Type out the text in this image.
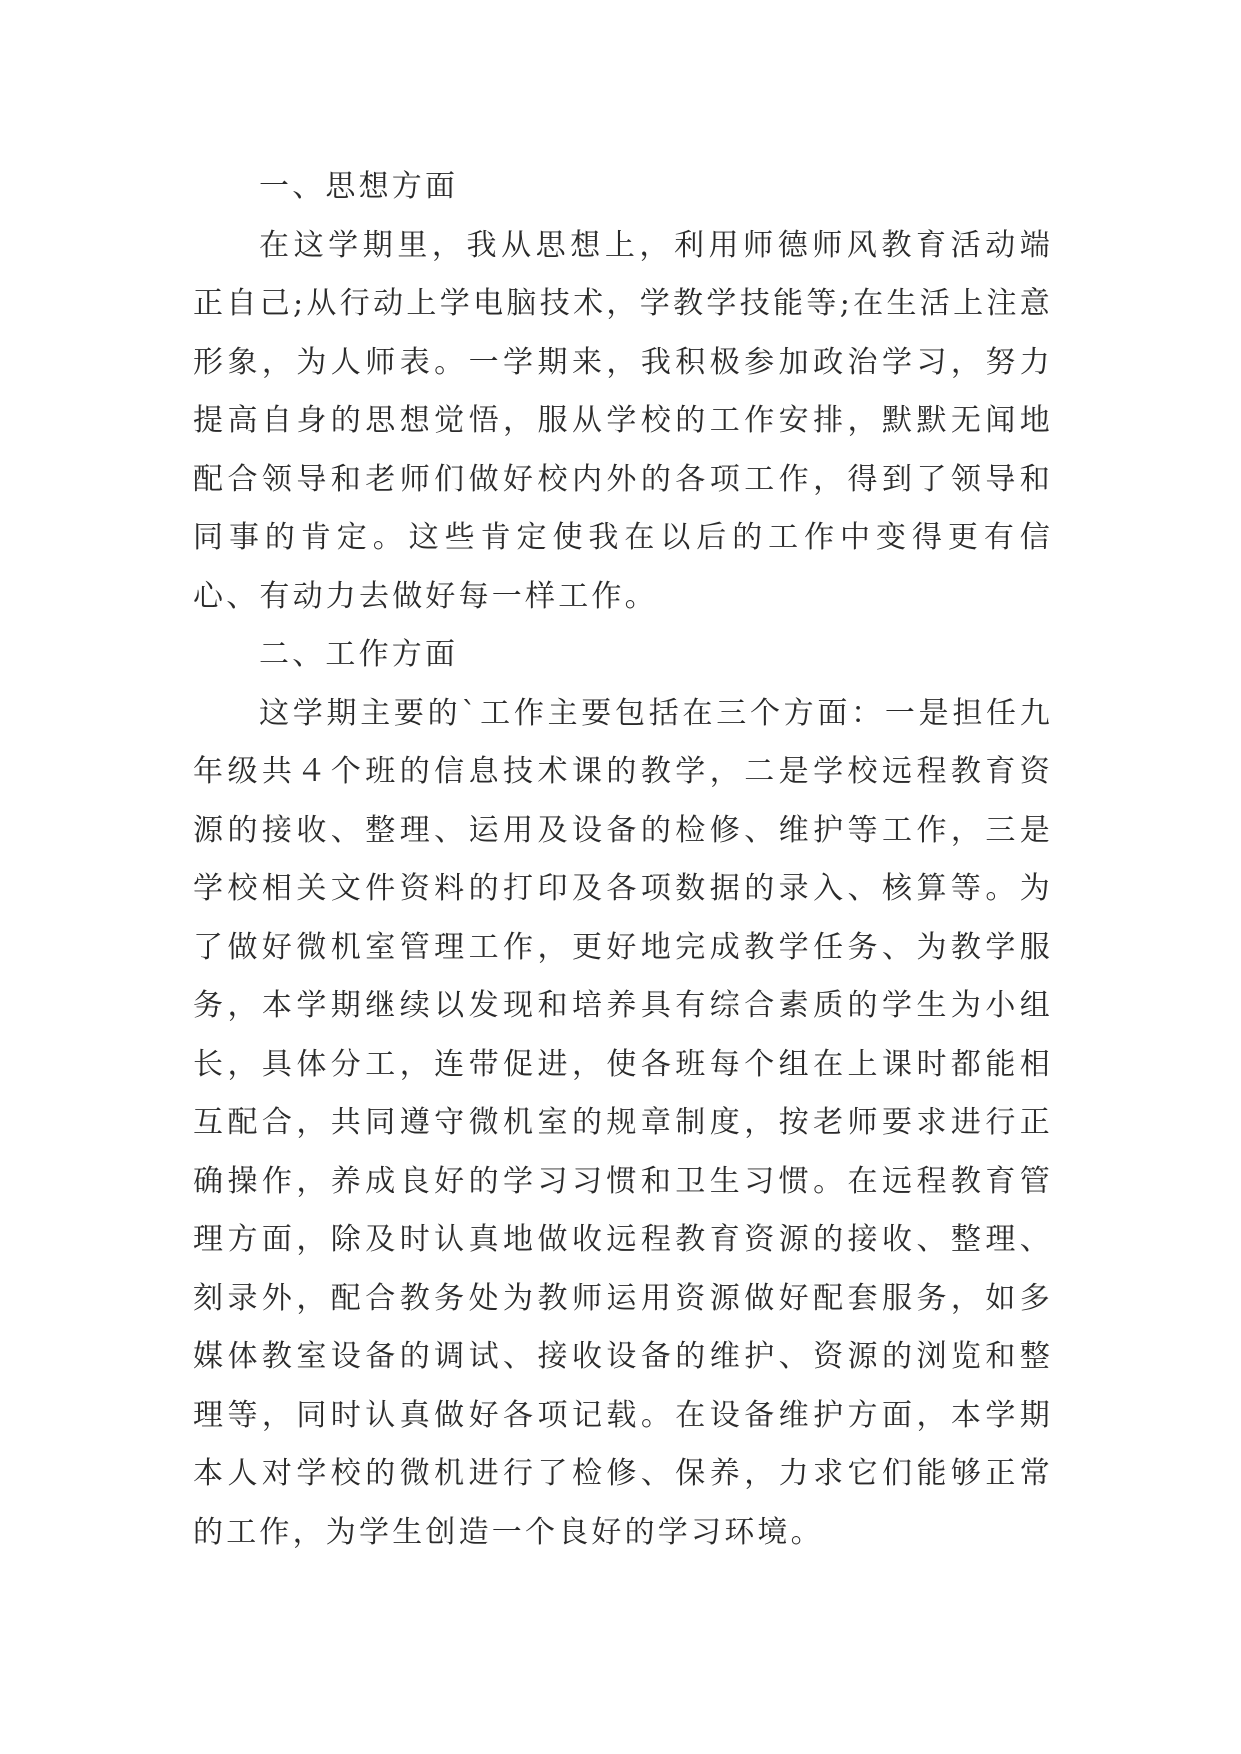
一、思想方面

在这学期里，我从思想上，利用师德师风教育活动端正自己;从行动上学电脑技术，学教学技能等;在生活上注意形象，为人师表。一学期来，我积极参加政治学习，努力提高自身的思想觉悟，服从学校的工作安排，默默无闻地配合领导和老师们做好校内外的各项工作，得到了领导和同事的肯定。这些肯定使我在以后的工作中变得更有信心、有动力去做好每一样工作。

二、工作方面

这学期主要的`工作主要包括在三个方面：一是担任九年级共４个班的信息技术课的教学，二是学校远程教育资源的接收、整理、运用及设备的检修、维护等工作，三是学校相关文件资料的打印及各项数据的录入、核算等。为了做好微机室管理工作，更好地完成教学任务、为教学服务，本学期继续以发现和培养具有综合素质的学生为小组长，具体分工，连带促进，使各班每个组在上课时都能相互配合，共同遵守微机室的规章制度，按老师要求进行正确操作，养成良好的学习习惯和卫生习惯。在远程教育管理方面，除及时认真地做收远程教育资源的接收、整理、刻录外，配合教务处为教师运用资源做好配套服务，如多媒体教室设备的调试、接收设备的维护、资源的浏览和整理等，同时认真做好各项记载。在设备维护方面，本学期本人对学校的微机进行了检修、保养，力求它们能够正常的工作，为学生创造一个良好的学习环境。
